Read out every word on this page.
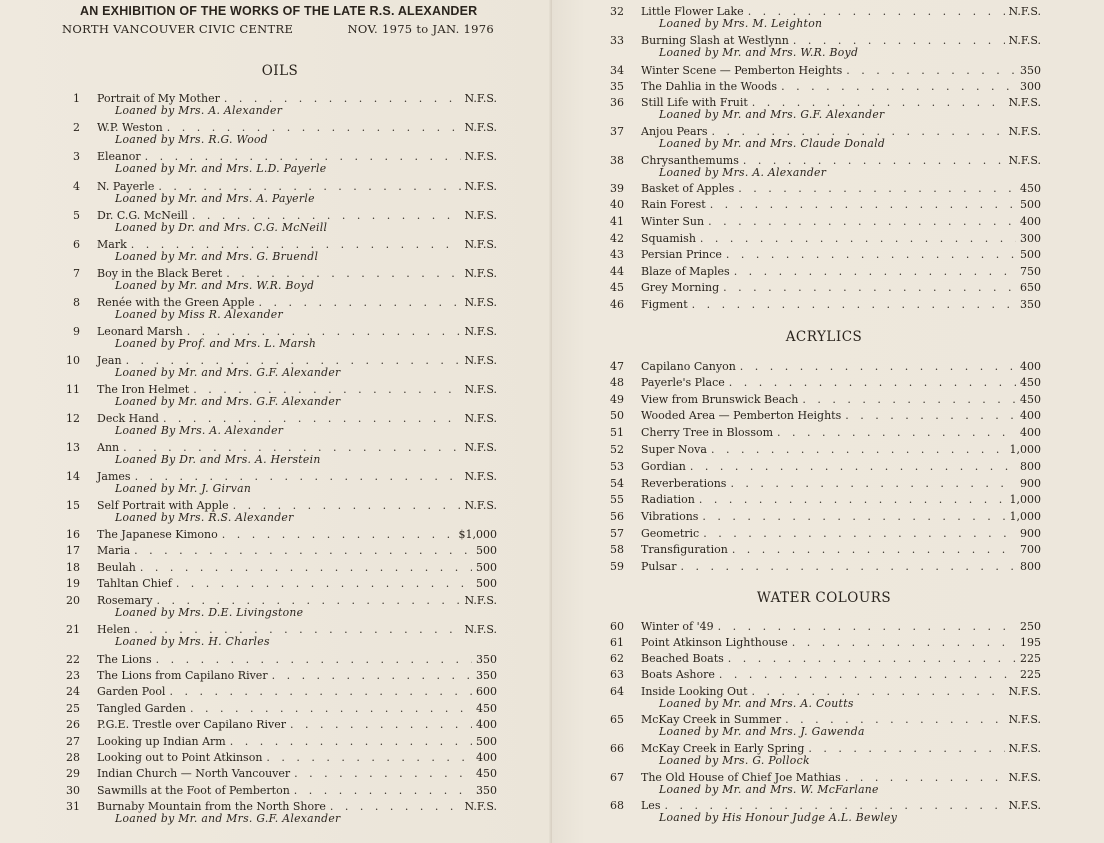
AN EXHIBITION OF THE WORKS OF THE LATE R.S. ALEXANDER
NORTH VANCOUVER CIVIC CENTRE	NOV. 1975 to JAN. 1976
OILS
1 Portrait of My Mother . . .	N.F.S.
Loaned by Mrs. A. Alexander
2 W.P. Weston . . .	N.F.S.
Loaned by Mrs. R.G. Wood
3 Eleanor . . .	N.F.S.
Loaned by Mr. and Mrs. L.D. Payerle
4 N. Payerle . . .	N.F.S.
Loaned by Mr. and Mrs. A. Payerle
5 Dr. C.G. McNeill . . .	N.F.S.
Loaned by Dr. and Mrs. C.G. McNeill
6 Mark . . .	N.F.S.
Loaned by Mr. and Mrs. G. Bruendl
7 Boy in the Black Beret . . .	N.F.S.
Loaned by Mr. and Mrs. W.R. Boyd
8 Renée with the Green Apple . . .	N.F.S.
Loaned by Miss R. Alexander
9 Leonard Marsh . . .	N.F.S.
Loaned by Prof. and Mrs. L. Marsh
10 Jean . . .	N.F.S.
Loaned by Mr. and Mrs. G.F. Alexander
11 The Iron Helmet . . .	N.F.S.
Loaned by Mr. and Mrs. G.F. Alexander
12 Deck Hand . . .	N.F.S.
Loaned By Mrs. A. Alexander
13 Ann . . .	N.F.S.
Loaned By Dr. and Mrs. A. Herstein
14 James . . .	N.F.S.
Loaned by Mr. J. Girvan
15 Self Portrait with Apple . . .	N.F.S.
Loaned by Mrs. R.S. Alexander
16 The Japanese Kimono . . .	$1,000
17 Maria . . .	500
18 Beulah . . .	500
19 Tahltan Chief . . .	500
20 Rosemary . . .	N.F.S.
Loaned by Mrs. D.E. Livingstone
21 Helen . . .	N.F.S.
Loaned by Mrs. H. Charles
22 The Lions . . .	350
23 The Lions from Capilano River . . .	350
24 Garden Pool . . .	600
25 Tangled Garden . . .	450
26 P.G.E. Trestle over Capilano River . . .	400
27 Looking up Indian Arm . . .	500
28 Looking out to Point Atkinson . . .	400
29 Indian Church — North Vancouver . . .	450
30 Sawmills at the Foot of Pemberton . . .	350
31 Burnaby Mountain from the North Shore . . .	N.F.S.
Loaned by Mr. and Mrs. G.F. Alexander
ACRYLICS
WATER COLOURS
32 Little Flower Lake . . .	N.F.S.
Loaned by Mrs. M. Leighton
33 Burning Slash at Westlynn . . .	N.F.S.
Loaned by Mr. and Mrs. W.R. Boyd
34 Winter Scene — Pemberton Heights . . .	350
35 The Dahlia in the Woods . . .	300
36 Still Life with Fruit . . .	N.F.S.
Loaned by Mr. and Mrs. G.F. Alexander
37 Anjou Pears . . .	N.F.S.
Loaned by Mr. and Mrs. Claude Donald
38 Chrysanthemums . . .	N.F.S.
Loaned by Mrs. A. Alexander
39 Basket of Apples . . .	450
40 Rain Forest . . .	500
41 Winter Sun . . .	400
42 Squamish . . .	300
43 Persian Prince . . .	500
44 Blaze of Maples . . .	750
45 Grey Morning . . .	650
46 Figment . . .	350
47 Capilano Canyon . . .	400
48 Payerle's Place . . .	450
49 View from Brunswick Beach . . .	450
50 Wooded Area — Pemberton Heights . . .	400
51 Cherry Tree in Blossom . . .	400
52 Super Nova . . .	1,000
53 Gordian . . .	800
54 Reverberations . . .	900
55 Radiation . . .	1,000
56 Vibrations . . .	1,000
57 Geometric . . .	900
58 Transfiguration . . .	700
59 Pulsar . . .	800
60 Winter of '49 . . .	250
61 Point Atkinson Lighthouse . . .	195
62 Beached Boats . . .	225
63 Boats Ashore . . .	225
64 Inside Looking Out . . .	N.F.S.
Loaned by Mr. and Mrs. A. Coutts
65 McKay Creek in Summer . . .	N.F.S.
Loaned by Mr. and Mrs. J. Gawenda
66 McKay Creek in Early Spring . . .	N.F.S.
Loaned by Mrs. G. Pollock
67 The Old House of Chief Joe Mathias . . .	N.F.S.
Loaned by Mr. and Mrs. W. McFarlane
68 Les . . .	N.F.S.
Loaned by His Honour Judge A.L. Bewley
